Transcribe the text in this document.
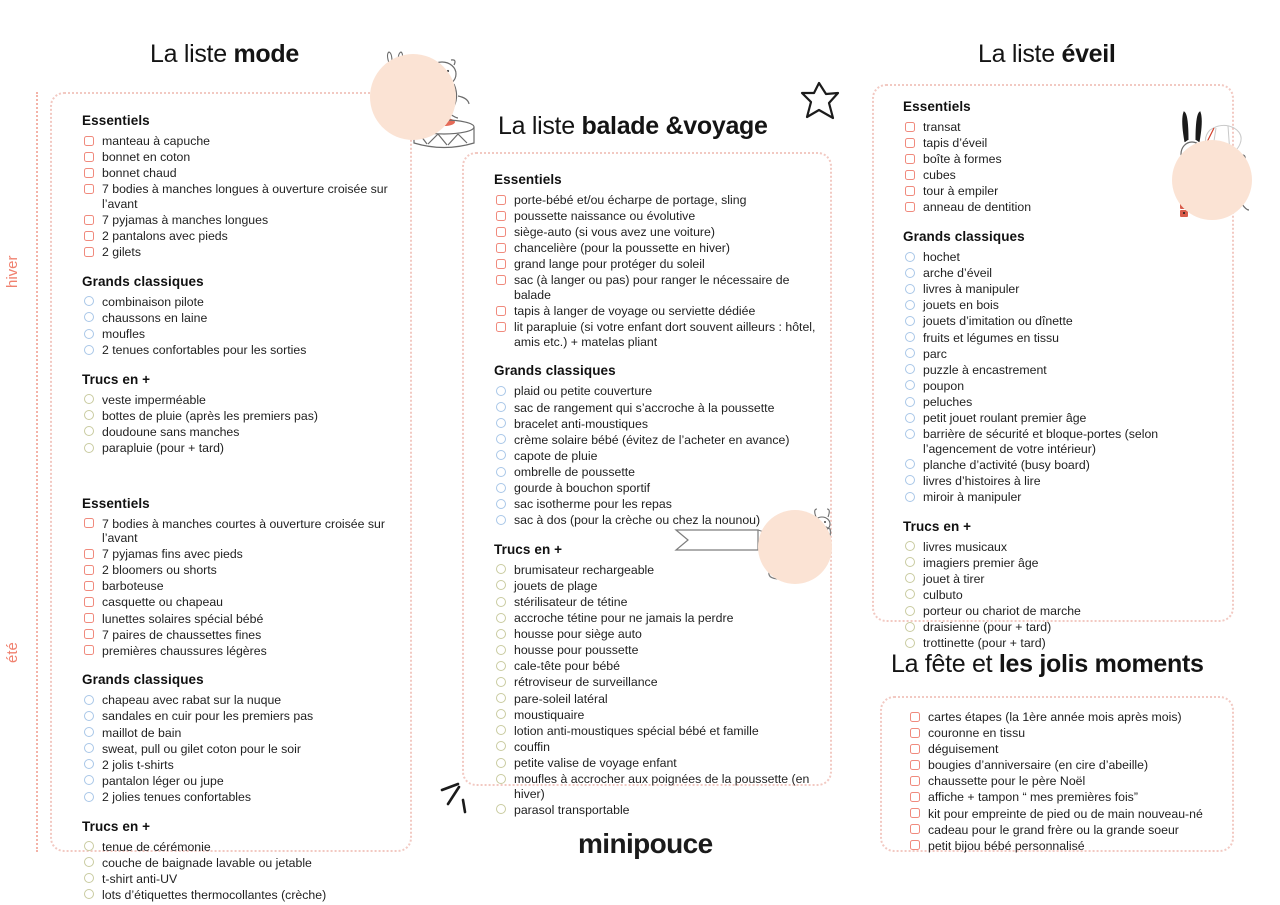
La liste mode
hiver
été
Essentiels
manteau à capuche
bonnet en coton
bonnet chaud
7 bodies à manches longues à ouverture croisée sur l’avant
7 pyjamas à manches longues
2 pantalons avec pieds
2 gilets
Grands classiques
combinaison pilote
chaussons en laine
moufles
2 tenues confortables pour les sorties
Trucs en +
veste imperméable
bottes de pluie (après les premiers pas)
doudoune sans manches
parapluie (pour + tard)
Essentiels
7 bodies à manches courtes à ouverture croisée sur l’avant
7 pyjamas fins avec pieds
2 bloomers ou shorts
barboteuse
casquette ou chapeau
lunettes solaires spécial bébé
7 paires de chaussettes fines
premières chaussures légères
Grands classiques
chapeau avec rabat sur la nuque
sandales en cuir pour les premiers pas
maillot de bain
sweat, pull ou gilet coton pour le soir
2 jolis t-shirts
pantalon léger ou jupe
2 jolies tenues confortables
Trucs en +
tenue de cérémonie
couche de baignade lavable ou jetable
t-shirt anti-UV
lots d’étiquettes thermocollantes (crèche)
La liste balade &voyage
Essentiels
porte-bébé et/ou écharpe de portage, sling
poussette naissance ou évolutive
siège-auto (si vous avez une voiture)
chancelière (pour la poussette en hiver)
grand lange pour protéger du soleil
sac (à langer ou pas) pour ranger le nécessaire de balade
tapis à langer de voyage ou serviette dédiée
lit parapluie (si votre enfant dort souvent ailleurs : hôtel, amis etc.) + matelas pliant
Grands classiques
plaid ou petite couverture
sac de rangement qui s’accroche à la poussette
bracelet anti-moustiques
crème solaire bébé (évitez de l’acheter en avance)
capote de pluie
ombrelle de poussette
gourde à bouchon sportif
sac isotherme pour les repas
sac à dos (pour la crèche ou chez la nounou)
Trucs en +
brumisateur rechargeable
jouets de plage
stérilisateur de tétine
accroche tétine pour ne jamais la perdre
housse pour siège auto
housse pour poussette
cale-tête pour bébé
rétroviseur de surveillance
pare-soleil latéral
moustiquaire
lotion anti-moustiques spécial bébé et famille
couffin
petite valise de voyage enfant
moufles à accrocher aux poignées de la poussette (en hiver)
parasol transportable
La liste éveil
Essentiels
transat
tapis d’éveil
boîte à formes
cubes
tour à empiler
anneau de dentition
Grands classiques
hochet
arche d’éveil
livres à manipuler
jouets en bois
jouets d’imitation ou dînette
fruits et légumes en tissu
parc
puzzle à encastrement
poupon
peluches
petit jouet roulant premier âge
barrière de sécurité et bloque-portes (selon l’agencement de votre intérieur)
planche d’activité (busy board)
livres d’histoires à lire
miroir à manipuler
Trucs en +
livres musicaux
imagiers premier âge
jouet à tirer
culbuto
porteur ou chariot de marche
draisienne (pour + tard)
trottinette (pour + tard)
La fête et les jolis moments
cartes étapes (la 1ère année mois après mois)
couronne en tissu
déguisement
bougies d’anniversaire (en cire d’abeille)
chaussette pour le père Noël
affiche + tampon “ mes premières fois”
kit pour empreinte de pied ou de main nouveau-né
cadeau pour le grand frère ou la grande soeur
petit bijou bébé personnalisé
minipouce
